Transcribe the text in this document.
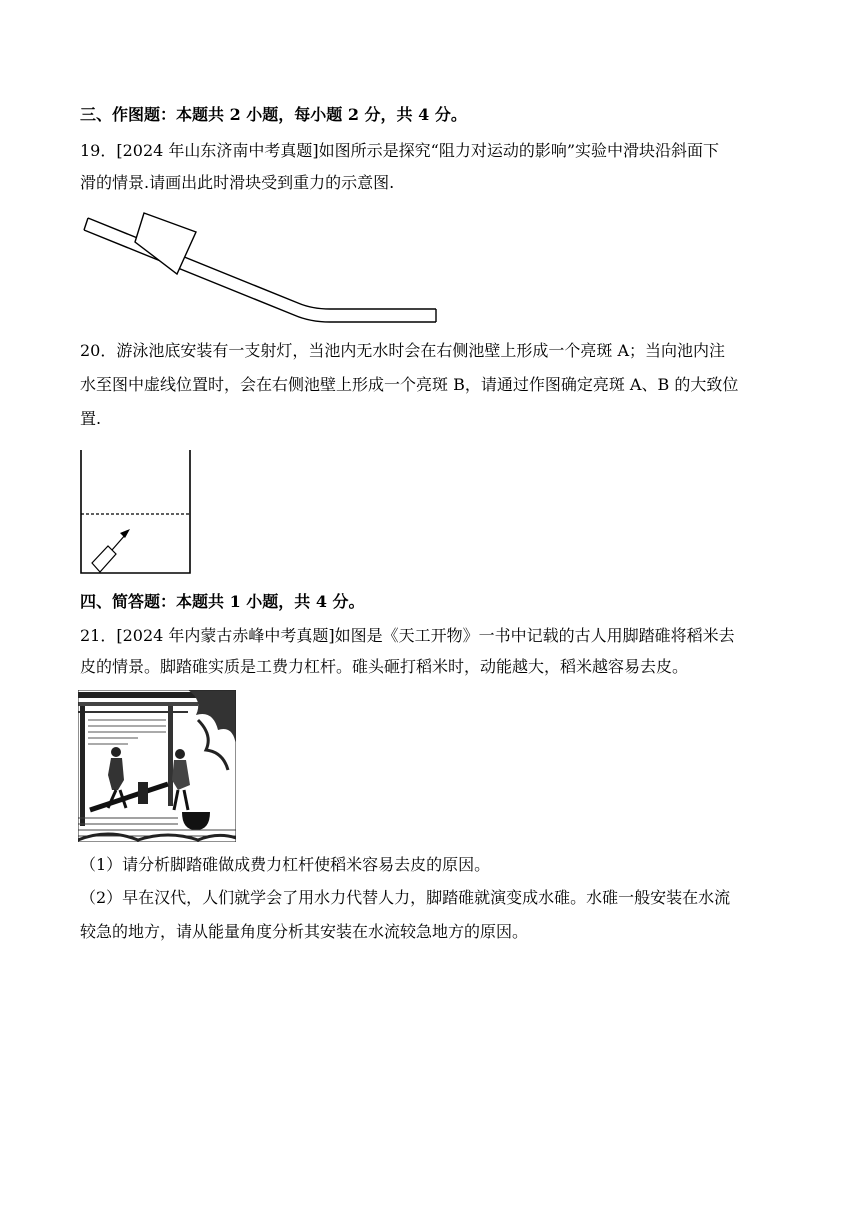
三、作图题：本题共 2 小题，每小题 2 分，共 4 分。
19．[2024 年山东济南中考真题]如图所示是探究“阻力对运动的影响”实验中滑块沿斜面下
滑的情景.请画出此时滑块受到重力的示意图.
20．游泳池底安装有一支射灯，当池内无水时会在右侧池壁上形成一个亮斑 A；当向池内注
水至图中虚线位置时，会在右侧池壁上形成一个亮斑 B，请通过作图确定亮斑 A、B 的大致位
置.
四、简答题：本题共 1 小题，共 4 分。
21．[2024 年内蒙古赤峰中考真题]如图是《天工开物》一书中记载的古人用脚踏碓将稻米去
皮的情景。脚踏碓实质是工费力杠杆。碓头砸打稻米时，动能越大，稻米越容易去皮。
（1）请分析脚踏碓做成费力杠杆使稻米容易去皮的原因。
（2）早在汉代，人们就学会了用水力代替人力，脚踏碓就演变成水碓。水碓一般安装在水流
较急的地方，请从能量角度分析其安装在水流较急地方的原因。
